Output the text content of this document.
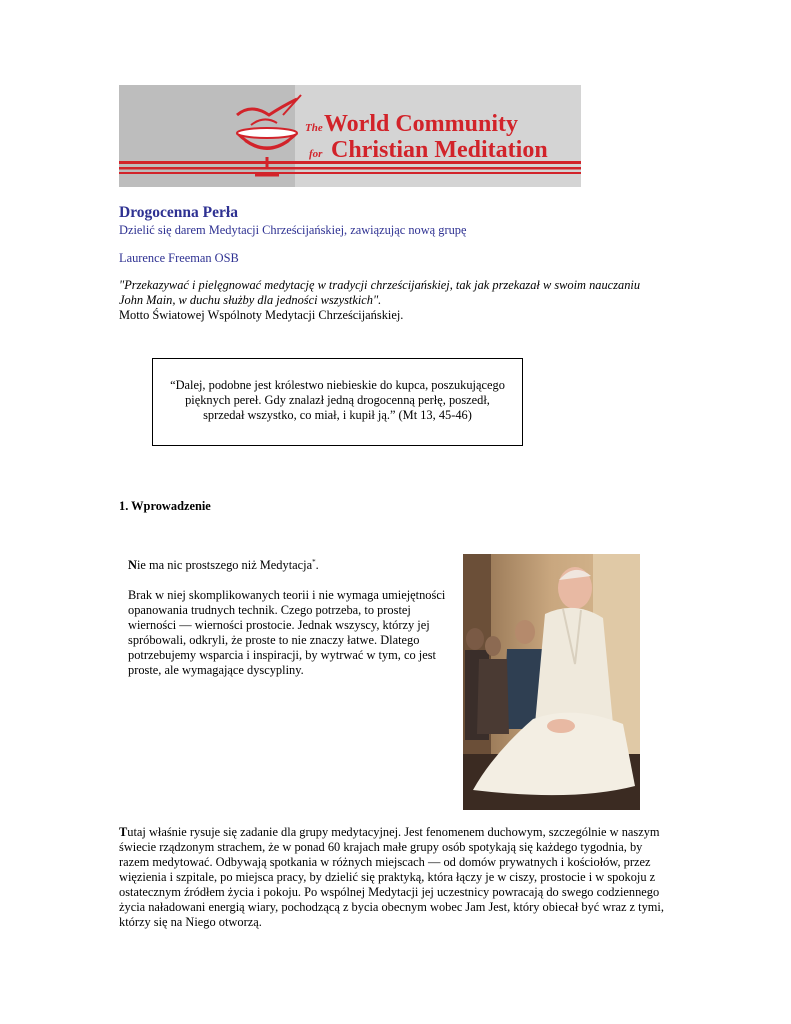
The World Community
for Christian Meditation
Drogocenna Perła
Dzielić się darem Medytacji Chrześcijańskiej, zawiązując nową grupę
Laurence Freeman OSB
"Przekazywać i pielęgnować medytację w tradycji chrześcijańskiej, tak jak przekazał w swoim nauczaniu John Main, w duchu służby dla jedności wszystkich".
Motto Światowej Wspólnoty Medytacji Chrześcijańskiej.
“Dalej, podobne jest królestwo niebieskie do kupca, poszukującego pięknych pereł. Gdy znalazł jedną drogocenną perłę, poszedł, sprzedał wszystko, co miał, i kupił ją.” (Mt 13, 45-46)
1. Wprowadzenie

Nie ma nic prostszego niż Medytacja*.

Brak w niej skomplikowanych teorii i nie wymaga umiejętności opanowania trudnych technik. Czego potrzeba, to prostej wierności — wierności prostocie. Jednak wszyscy, którzy jej spróbowali, odkryli, że proste to nie znaczy łatwe. Dlatego potrzebujemy wsparcia i inspiracji, by wytrwać w tym, co jest proste, ale wymagające dyscypliny.

Tutaj właśnie rysuje się zadanie dla grupy medytacyjnej. Jest fenomenem duchowym, szczególnie w naszym świecie rządzonym strachem, że w ponad 60 krajach małe grupy osób spotykają się każdego tygodnia, by razem medytować. Odbywają spotkania w różnych miejscach — od domów prywatnych i kościołów, przez więzienia i szpitale, po miejsca pracy, by dzielić się praktyką, która łączy je w ciszy, prostocie i w spokoju z ostatecznym źródłem życia i pokoju. Po wspólnej Medytacji jej uczestnicy powracają do swego codziennego życia naładowani energią wiary, pochodzącą z bycia obecnym wobec Jam Jest, który obiecał być wraz z tymi, którzy się na Niego otworzą.
